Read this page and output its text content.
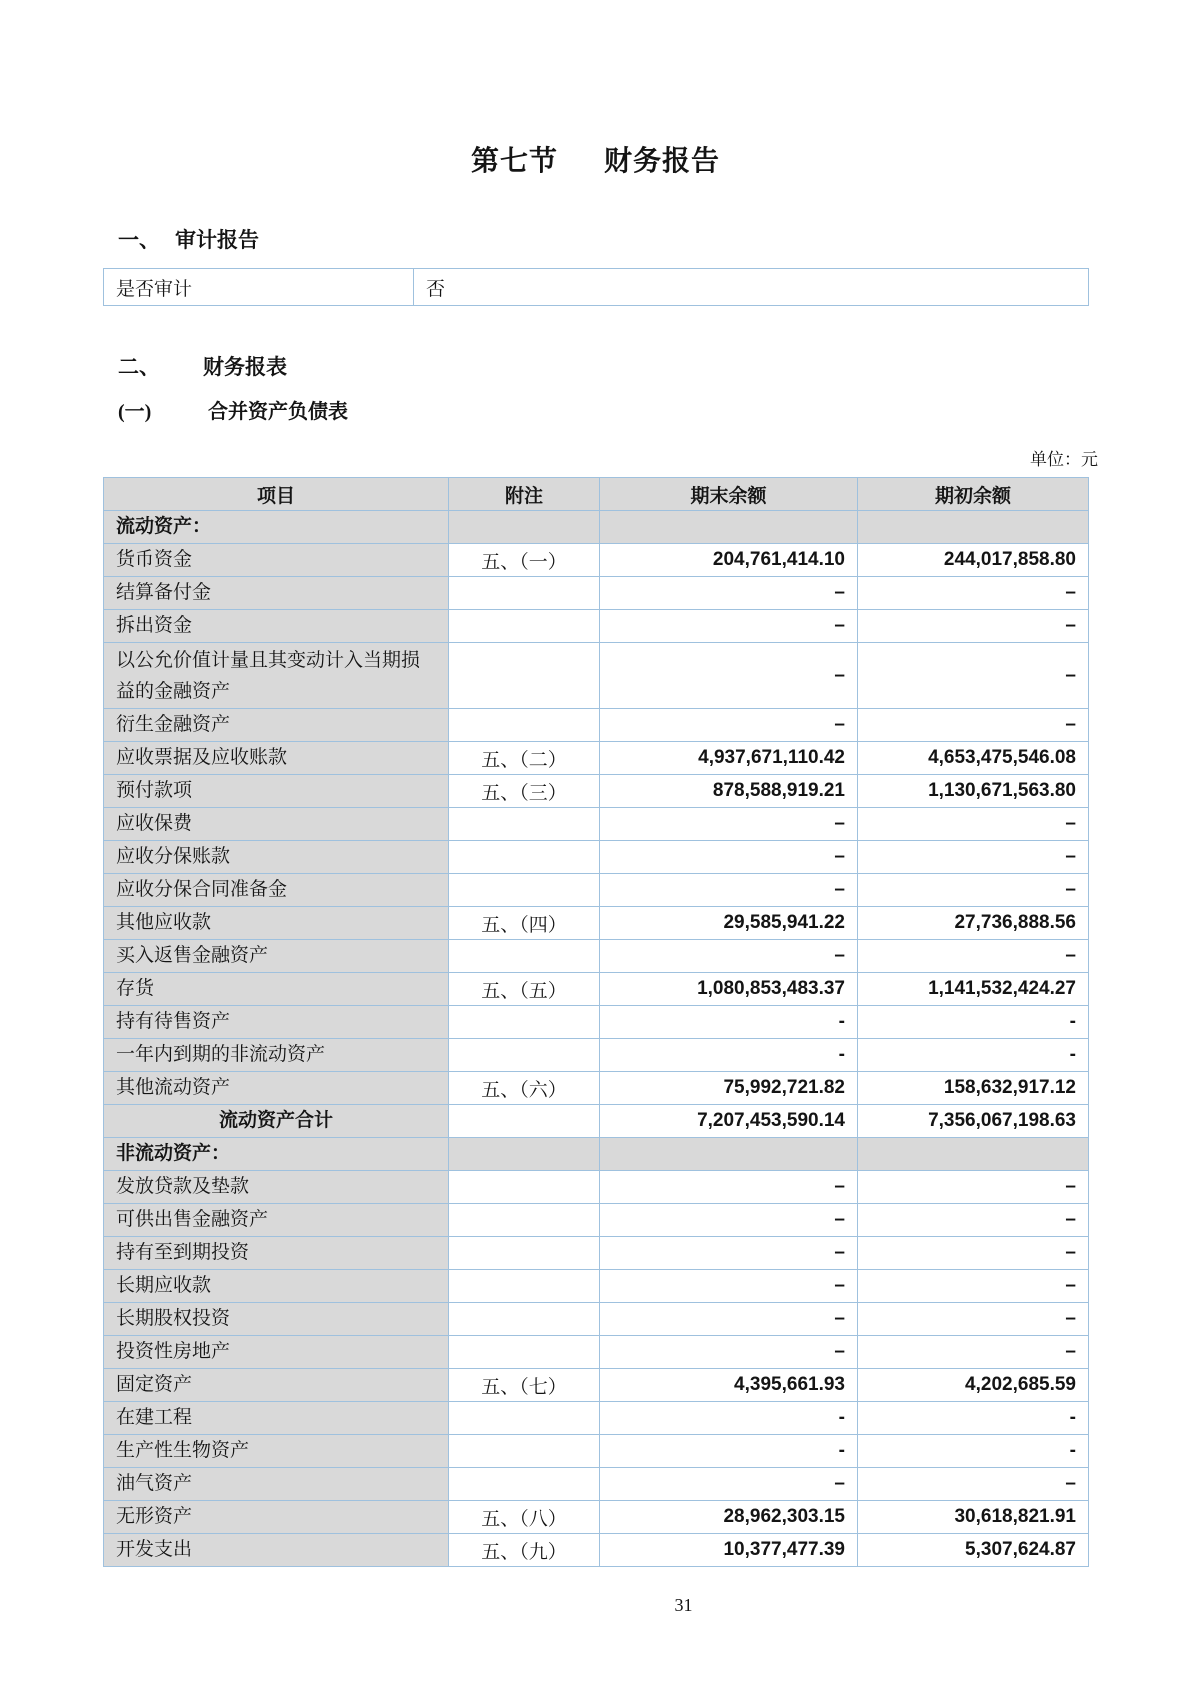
第七节 财务报告
一、 审计报告
是否审计	否
二、 财务报表
(一)	合并资产负债表
单位：元
项目	附注	期末余额	期初余额
流动资产：			
货币资金	五、（一）	204,761,414.10	244,017,858.80
结算备付金		–	–
拆出资金		–	–
以公允价值计量且其变动计入当期损益的金融资产		–	–
衍生金融资产		–	–
应收票据及应收账款	五、（二）	4,937,671,110.42	4,653,475,546.08
预付款项	五、（三）	878,588,919.21	1,130,671,563.80
应收保费		–	–
应收分保账款		–	–
应收分保合同准备金		–	–
其他应收款	五、（四）	29,585,941.22	27,736,888.56
买入返售金融资产		–	–
存货	五、（五）	1,080,853,483.37	1,141,532,424.27
持有待售资产		-	-
一年内到期的非流动资产		-	-
其他流动资产	五、（六）	75,992,721.82	158,632,917.12
流动资产合计		7,207,453,590.14	7,356,067,198.63
非流动资产：			
发放贷款及垫款		–	–
可供出售金融资产		–	–
持有至到期投资		–	–
长期应收款		–	–
长期股权投资		–	–
投资性房地产		–	–
固定资产	五、（七）	4,395,661.93	4,202,685.59
在建工程		-	-
生产性生物资产		-	-
油气资产		–	–
无形资产	五、（八）	28,962,303.15	30,618,821.91
开发支出	五、（九）	10,377,477.39	5,307,624.87
31
